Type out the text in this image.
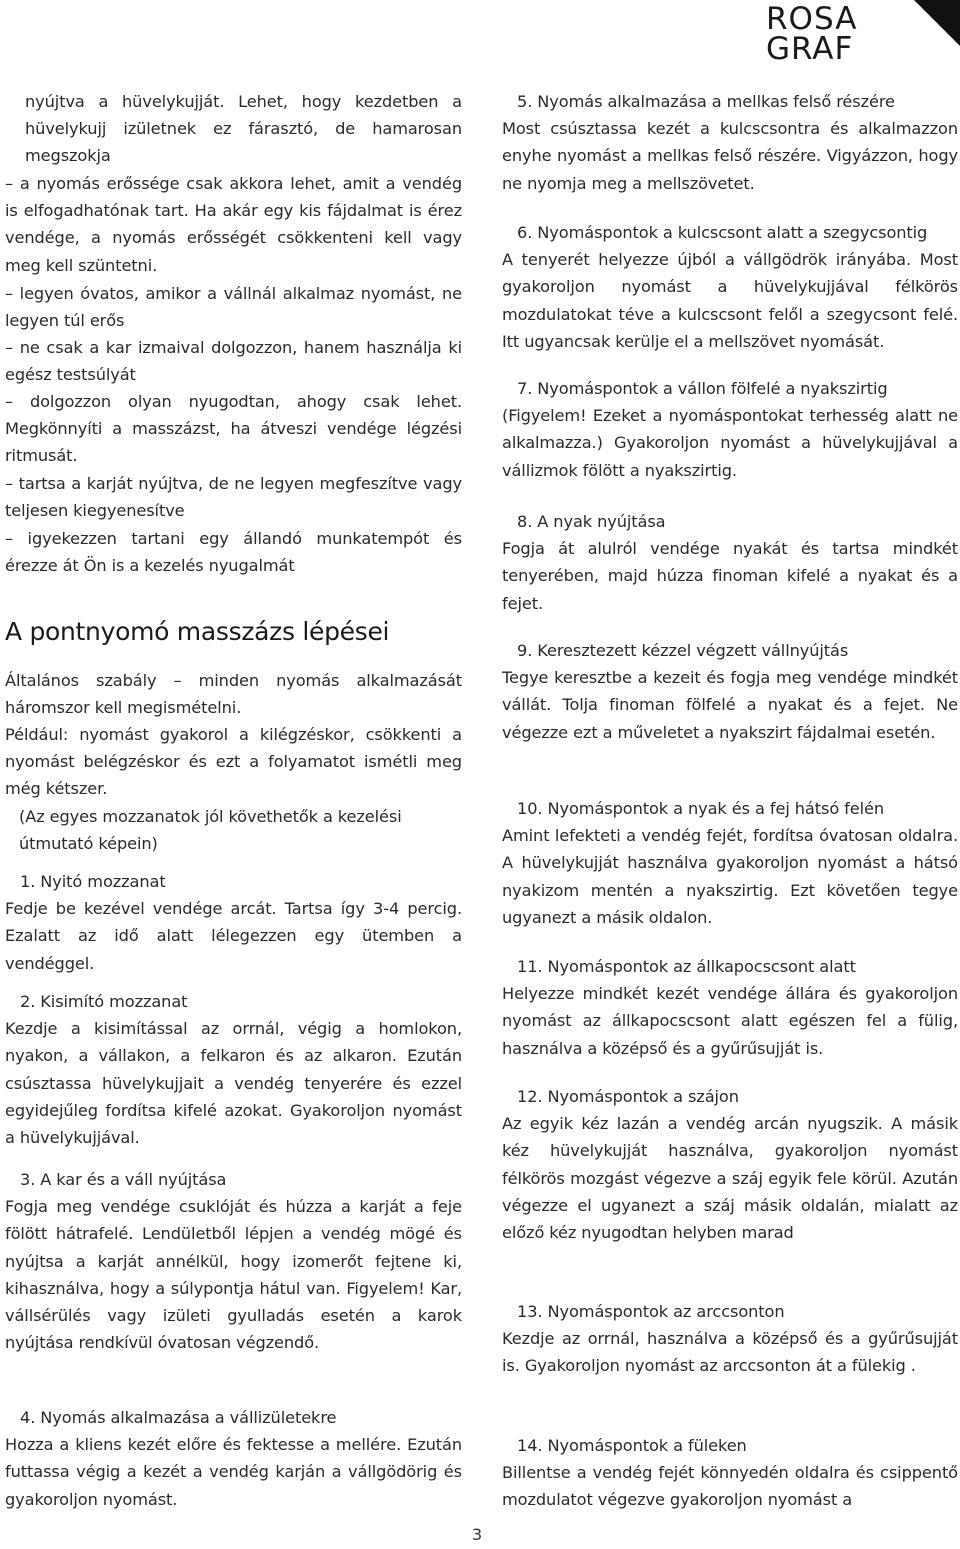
ROSA
GRAF

nyújtva a hüvelykujját. Lehet, hogy kezdetben a hüvelykujj izületnek ez fárasztó, de hamarosan megszokja

– a nyomás erőssége csak akkora lehet, amit a vendég is elfogadhatónak tart. Ha akár egy kis fájdalmat is érez vendége, a nyomás erősségét csökkenteni kell vagy meg kell szüntetni.

– legyen óvatos, amikor a vállnál alkalmaz nyomást, ne legyen túl erős

– ne csak a kar izmaival dolgozzon, hanem használja ki egész testsúlyát

– dolgozzon olyan nyugodtan, ahogy csak lehet. Megkönnyíti a masszázst, ha átveszi vendége légzési ritmusát.

– tartsa a karját nyújtva, de ne legyen megfeszítve vagy teljesen kiegyenesítve

– igyekezzen tartani egy állandó munkatempót és érezze át Ön is a kezelés nyugalmát

A pontnyomó masszázs lépései

Általános szabály – minden nyomás alkalmazását háromszor kell megismételni.

Például: nyomást gyakorol a kilégzéskor, csökkenti a nyomást belégzéskor és ezt a folyamatot ismétli meg még kétszer.

(Az egyes mozzanatok jól követhetők a kezelési útmutató képein)

1. Nyitó mozzanat

Fedje be kezével vendége arcát. Tartsa így 3-4 percig. Ezalatt az idő alatt lélegezzen egy ütemben a vendéggel.

2. Kisimító mozzanat

Kezdje a kisimítással az orrnál, végig a homlokon, nyakon, a vállakon, a felkaron és az alkaron. Ezután csúsztassa hüvelykujjait a vendég tenyerére és ezzel egyidejűleg fordítsa kifelé azokat. Gyakoroljon nyomást a hüvelykujjával.

3. A kar és a váll nyújtása

Fogja meg vendége csuklóját és húzza a karját a feje fölött hátrafelé. Lendületből lépjen a vendég mögé és nyújtsa a karját annélkül, hogy izomerőt fejtene ki, kihasználva, hogy a súlypontja hátul van. Figyelem! Kar, vállsérülés vagy izületi gyulladás esetén a karok nyújtása rendkívül óvatosan végzendő.

4. Nyomás alkalmazása a vállizületekre

Hozza a kliens kezét előre és fektesse a mellére. Ezután futtassa végig a kezét a vendég karján a vállgödörig és gyakoroljon nyomást.

5. Nyomás alkalmazása a mellkas felső részére

Most csúsztassa kezét a kulcscsontra és alkalmazzon enyhe nyomást a mellkas felső részére. Vigyázzon, hogy ne nyomja meg a mellszövetet.

6. Nyomáspontok a kulcscsont alatt a szegycsontig

A tenyerét helyezze újból a vállgödrök irányába. Most gyakoroljon nyomást a hüvelykujjával félkörös mozdulatokat téve a kulcscsont felől a szegycsont felé. Itt ugyancsak kerülje el a mellszövet nyomását.

7. Nyomáspontok a vállon fölfelé a nyakszirtig

(Figyelem! Ezeket a nyomáspontokat terhesség alatt ne alkalmazza.) Gyakoroljon nyomást a hüvelykujjával a vállizmok fölött a nyakszirtig.

8. A nyak nyújtása

Fogja át alulról vendége nyakát és tartsa mindkét tenyerében, majd húzza finoman kifelé a nyakat és a fejet.

9. Keresztezett kézzel végzett vállnyújtás

Tegye keresztbe a kezeit és fogja meg vendége mindkét vállát. Tolja finoman fölfelé a nyakat és a fejet. Ne végezze ezt a műveletet a nyakszirt fájdalmai esetén.

10. Nyomáspontok a nyak és a fej hátsó felén

Amint lefekteti a vendég fejét, fordítsa óvatosan oldalra. A hüvelykujját használva gyakoroljon nyomást a hátsó nyakizom mentén a nyakszirtig. Ezt követően tegye ugyanezt a másik oldalon.

11. Nyomáspontok az állkapocscsont alatt

Helyezze mindkét kezét vendége állára és gyakoroljon nyomást az állkapocscsont alatt egészen fel a fülig, használva a középső és a gyűrűsujját is.

12. Nyomáspontok a szájon

Az egyik kéz lazán a vendég arcán nyugszik. A másik kéz hüvelykujját használva, gyakoroljon nyomást félkörös mozgást végezve a száj egyik fele körül. Azután végezze el ugyanezt a száj másik oldalán, mialatt az előző kéz nyugodtan helyben marad

13. Nyomáspontok az arccsonton

Kezdje az orrnál, használva a középső és a gyűrűsujját is. Gyakoroljon nyomást az arccsonton át a fülekig .

14. Nyomáspontok a füleken

Billentse a vendég fejét könnyedén oldalra és csippentő mozdulatot végezve gyakoroljon nyomást a

3
